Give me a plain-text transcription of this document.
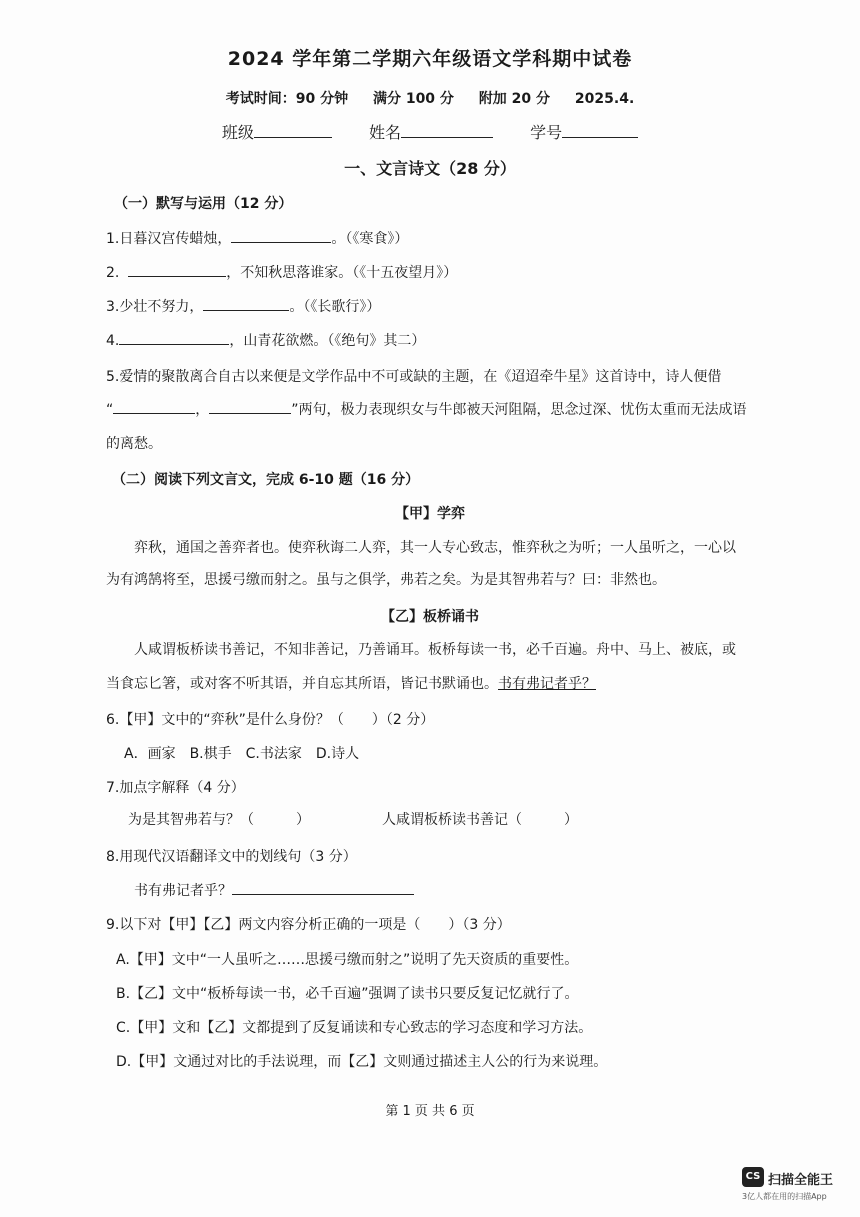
2024 学年第二学期六年级语文学科期中试卷
考试时间：90 分钟 满分 100 分 附加 20 分 2025.4.
班级	姓名	学号
一、文言诗文（28 分）
（一）默写与运用（12 分）
1.日暮汉宫传蜡烛，	。（《寒食》）
2.	，不知秋思落谁家。（《十五夜望月》）
3.少壮不努力，	。（《长歌行》）
4.	，山青花欲燃。（《绝句》其二）
5.爱情的聚散离合自古以来便是文学作品中不可或缺的主题，在《迢迢牵牛星》这首诗中，诗人便借
“	，	”两句，极力表现织女与牛郎被天河阻隔，思念过深、忧伤太重而无法成语
的离愁。
（二）阅读下列文言文，完成 6-10 题（16 分）
【甲】学弈
弈秋，通国之善弈者也。使弈秋诲二人弈，其一人专心致志，惟弈秋之为听；一人虽听之，一心以
为有鸿鹄将至，思援弓缴而射之。虽与之俱学，弗若之矣。为是其智弗若与？曰：非然也。
【乙】板桥诵书
人咸谓板桥读书善记，不知非善记，乃善诵耳。板桥每读一书，必千百遍。舟中、马上、被底，或
当食忘匕箸，或对客不听其语，并自忘其所语，皆记书默诵也。书有弗记者乎？
6.【甲】文中的“弈秋”是什么身份？（　　）（2 分）
A．画家　B.棋手　C.书法家　D.诗人
7.加点字解释（4 分）
为是其智弗若与？（　　　）	人咸谓板桥读书善记（　　　）
8.用现代汉语翻译文中的划线句（3 分）
书有弗记者乎？
9.以下对【甲】【乙】两文内容分析正确的一项是（　　）（3 分）
A.【甲】文中“一人虽听之……思援弓缴而射之”说明了先天资质的重要性。
B.【乙】文中“板桥每读一书，必千百遍”强调了读书只要反复记忆就行了。
C.【甲】文和【乙】文都提到了反复诵读和专心致志的学习态度和学习方法。
D.【甲】文通过对比的手法说理，而【乙】文则通过描述主人公的行为来说理。
第 1 页 共 6 页
CS 扫描全能王
3亿人都在用的扫描App
